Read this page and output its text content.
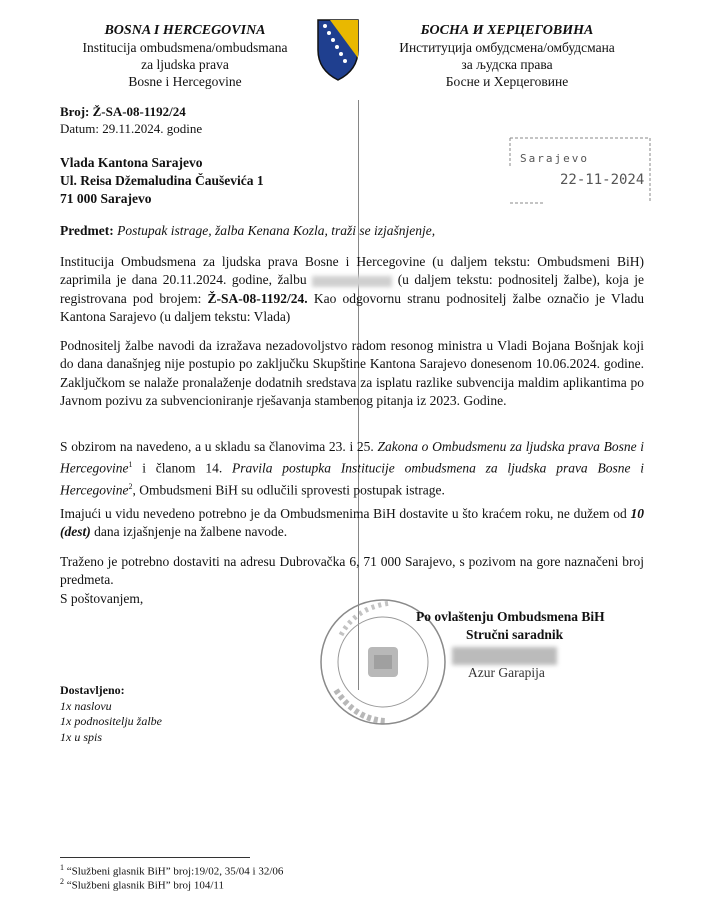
BOSNA I HERCEGOVINA
Institucija ombudsmena/ombudsmana
za ljudska prava
Bosne i Hercegovine
БОСНА И ХЕРЦЕГОВИНА
Институција омбудсмена/омбудсмана
за људска права
Босне и Херцеговине
Broj: Ž-SA-08-1192/24
Datum: 29.11.2024. godine
Sarajevo
22-11-2024
Vlada Kantona Sarajevo
Ul. Reisa Džemaludina Čauševića 1
71 000 Sarajevo
Predmet: Postupak istrage, žalba Kenana Kozla, traži se izjašnjenje,
Institucija Ombudsmena za ljudska prava Bosne i Hercegovine (u daljem tekstu: Ombudsmeni BiH) zaprimila je dana 20.11.2024. godine, žalbu	(u daljem tekstu: podnositelj žalbe), koja je registrovana pod brojem: Ž-SA-08-1192/24. Kao odgovornu stranu podnositelj žalbe označio je Vladu Kantona Sarajevo (u daljem tekstu: Vlada)
Podnositelj žalbe navodi da izražava nezadovoljstvo radom resonog ministra u Vladi Bojana Bošnjak koji do dana današnjeg nije postupio po zaključku Skupštine Kantona Sarajevo donesenom 10.06.2024. godine. Zaključkom se nalaže pronalaženje dodatnih sredstava za isplatu razlike subvencija maldim aplikantima po Javnom pozivu za subvencioniranje rješavanja stambenog pitanja iz 2023. Godine.
S obzirom na navedeno, a u skladu sa članovima 23. i 25. Zakona o Ombudsmenu za ljudska prava Bosne i Hercegovine$^1$ i članom 14. Pravila postupka Institucije ombudsmena za ljudska prava Bosne i Hercegovine$^2$, Ombudsmeni BiH su odlučili sprovesti postupak istrage.
Imajući u vidu nevedeno potrebno je da Ombudsmenima BiH dostavite u što kraćem roku, ne dužem od 10 (dest) dana izjašnjenje na žalbene navode.
Traženo je potrebno dostaviti na adresu Dubrovačka 6, 71 000 Sarajevo, s pozivom na gore naznačeni broj predmeta.
S poštovanjem,
Po ovlaštenju Ombudsmena BiH
Stručni saradnik
Azur Garapija
Dostavljeno:
1x naslovu
1x podnositelju žalbe
1x u spis
$^1$ “Službeni glasnik BiH” broj:19/02, 35/04 i 32/06
$^2$ “Službeni glasnik BiH” broj 104/11
